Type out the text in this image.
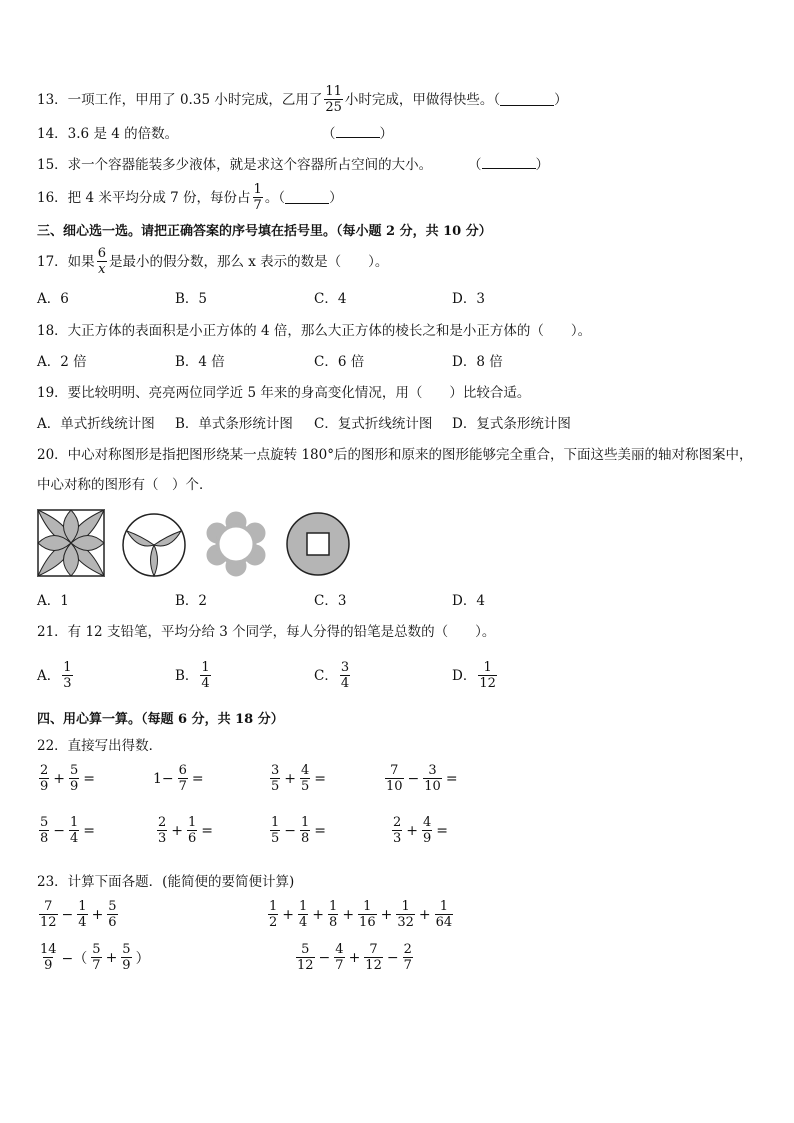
13．一项工作，甲用了 0.35 小时完成，乙用了 $\frac{11}{25}$ 小时完成，甲做得快些。（	）
14．3.6 是 4 的倍数。	（	）
15．求一个容器能装多少液体，就是求这个容器所占空间的大小。	（	）
16．把 4 米平均分成 7 份，每份占 $\frac{1}{7}$ 。（	）
三、细心选一选。请把正确答案的序号填在括号里。（每小题 2 分，共 10 分）
17．如果 $\frac{6}{x}$ 是最小的假分数，那么 x 表示的数是（　　）。
A．6	B．5	C．4	D．3
18．大正方体的表面积是小正方体的 4 倍，那么大正方体的棱长之和是小正方体的（　　）。
A．2 倍	B．4 倍	C．6 倍	D．8 倍
19．要比较明明、亮亮两位同学近 5 年来的身高变化情况，用（　　）比较合适。
A．单式折线统计图 B．单式条形统计图 C．复式折线统计图 D．复式条形统计图
20．中心对称图形是指把图形绕某一点旋转 180°后的图形和原来的图形能够完全重合，下面这些美丽的轴对称图案中，
中心对称的图形有（　）个．
A．1	B．2	C．3	D．4
21．有 12 支铅笔，平均分给 3 个同学，每人分得的铅笔是总数的（　　）。
A． $\frac{1}{3}$	B． $\frac{1}{4}$	C． $\frac{3}{4}$	D． $\frac{1}{12}$
四、用心算一算。（每题 6 分，共 18 分）
22．直接写出得数．
$\frac{2}{9} + \frac{5}{9}$ =	$1- \frac{6}{7}$ =	$\frac{3}{5} + \frac{4}{5}$ =	$\frac{7}{10} - \frac{3}{10}$ =
$\frac{5}{8} - \frac{1}{4}$ =	$\frac{2}{3} + \frac{1}{6}$ =	$\frac{1}{5} - \frac{1}{8}$ =	$\frac{2}{3} + \frac{4}{9}$ =
23．计算下面各题．(能简便的要简便计算)
$\frac{7}{12} - \frac{1}{4} + \frac{5}{6}$	$\frac{1}{2} + \frac{1}{4} + \frac{1}{8} + \frac{1}{16} + \frac{1}{32} + \frac{1}{64}$
$\frac{14}{9}$ −（ $\frac{5}{7} + \frac{5}{9}$ ）	$\frac{5}{12} - \frac{4}{7} + \frac{7}{12} - \frac{2}{7}$
